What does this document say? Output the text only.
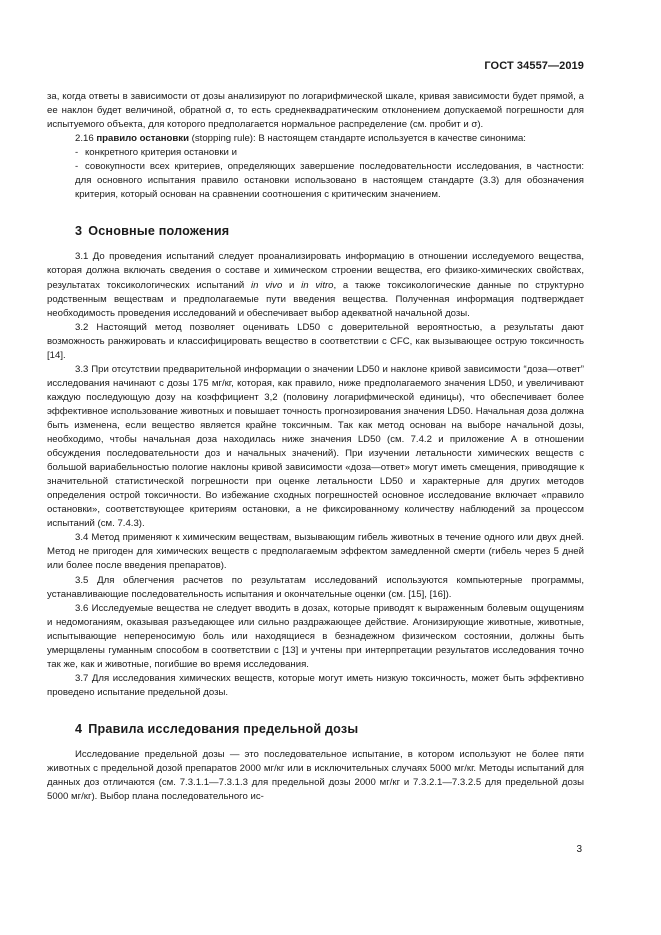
ГОСТ 34557—2019

за, когда ответы в зависимости от дозы анализируют по логарифмической шкале, кривая зависимости будет прямой, а ее наклон будет величиной, обратной σ, то есть среднеквадратическим отклонением допускаемой погрешности для испытуемого объекта, для которого предполагается нормальное распределение (см. пробит и σ).

2.16 правило остановки (stopping rule): В настоящем стандарте используется в качестве синонима:

- конкретного критерия остановки и

- совокупности всех критериев, определяющих завершение последовательности исследования, в частности: для основного испытания правило остановки использовано в настоящем стандарте (3.3) для обозначения критерия, который основан на сравнении соотношения с критическим значением.

3 Основные положения

3.1 До проведения испытаний следует проанализировать информацию в отношении исследуемого вещества, которая должна включать сведения о составе и химическом строении вещества, его физико-химических свойствах, результатах токсикологических испытаний in vivo и in vitro, а также токсикологические данные по структурно родственным веществам и предполагаемые пути введения вещества. Полученная информация подтверждает необходимость проведения исследований и обеспечивает выбор адекватной начальной дозы.

3.2 Настоящий метод позволяет оценивать LD50 с доверительной вероятностью, а результаты дают возможность ранжировать и классифицировать вещество в соответствии с CFC, как вызывающее острую токсичность [14].

3.3 При отсутствии предварительной информации о значении LD50 и наклоне кривой зависимости “доза—ответ” исследования начинают с дозы 175 мг/кг, которая, как правило, ниже предполагаемого значения LD50, и увеличивают каждую последующую дозу на коэффициент 3,2 (половину логарифмической единицы), что обеспечивает более эффективное использование животных и повышает точность прогнозирования значения LD50. Начальная доза должна быть изменена, если вещество является крайне токсичным. Так как метод основан на выборе начальной дозы, необходимо, чтобы начальная доза находилась ниже значения LD50 (см. 7.4.2 и приложение А в отношении обсуждения последовательности доз и начальных значений). При изучении летальности химических веществ с большой вариабельностью пологие наклоны кривой зависимости «доза—ответ» могут иметь смещения, приводящие к значительной статистической погрешности при оценке летальности LD50 и характерные для других методов определения острой токсичности. Во избежание сходных погрешностей основное исследование включает «правило остановки», соответствующее критериям остановки, а не фиксированному количеству наблюдений за процессом испытаний (см. 7.4.3).

3.4 Метод применяют к химическим веществам, вызывающим гибель животных в течение одного или двух дней. Метод не пригоден для химических веществ с предполагаемым эффектом замедленной смерти (гибель через 5 дней или более после введения препаратов).

3.5 Для облегчения расчетов по результатам исследований используются компьютерные программы, устанавливающие последовательность испытания и окончательные оценки (см. [15], [16]).

3.6 Исследуемые вещества не следует вводить в дозах, которые приводят к выраженным болевым ощущениям и недомоганиям, оказывая разъедающее или сильно раздражающее действие. Агонизирующие животные, животные, испытывающие непереносимую боль или находящиеся в безнадежном физическом состоянии, должны быть умерщвлены гуманным способом в соответствии с [13] и учтены при интерпретации результатов исследования точно так же, как и животные, погибшие во время исследования.

3.7 Для исследования химических веществ, которые могут иметь низкую токсичность, может быть эффективно проведено испытание предельной дозы.

4 Правила исследования предельной дозы

Исследование предельной дозы — это последовательное испытание, в котором используют не более пяти животных с предельной дозой препаратов 2000 мг/кг или в исключительных случаях 5000 мг/кг. Методы испытаний для данных доз отличаются (см. 7.3.1.1—7.3.1.3 для предельной дозы 2000 мг/кг и 7.3.2.1—7.3.2.5 для предельной дозы 5000 мг/кг). Выбор плана последовательного ис-

3
